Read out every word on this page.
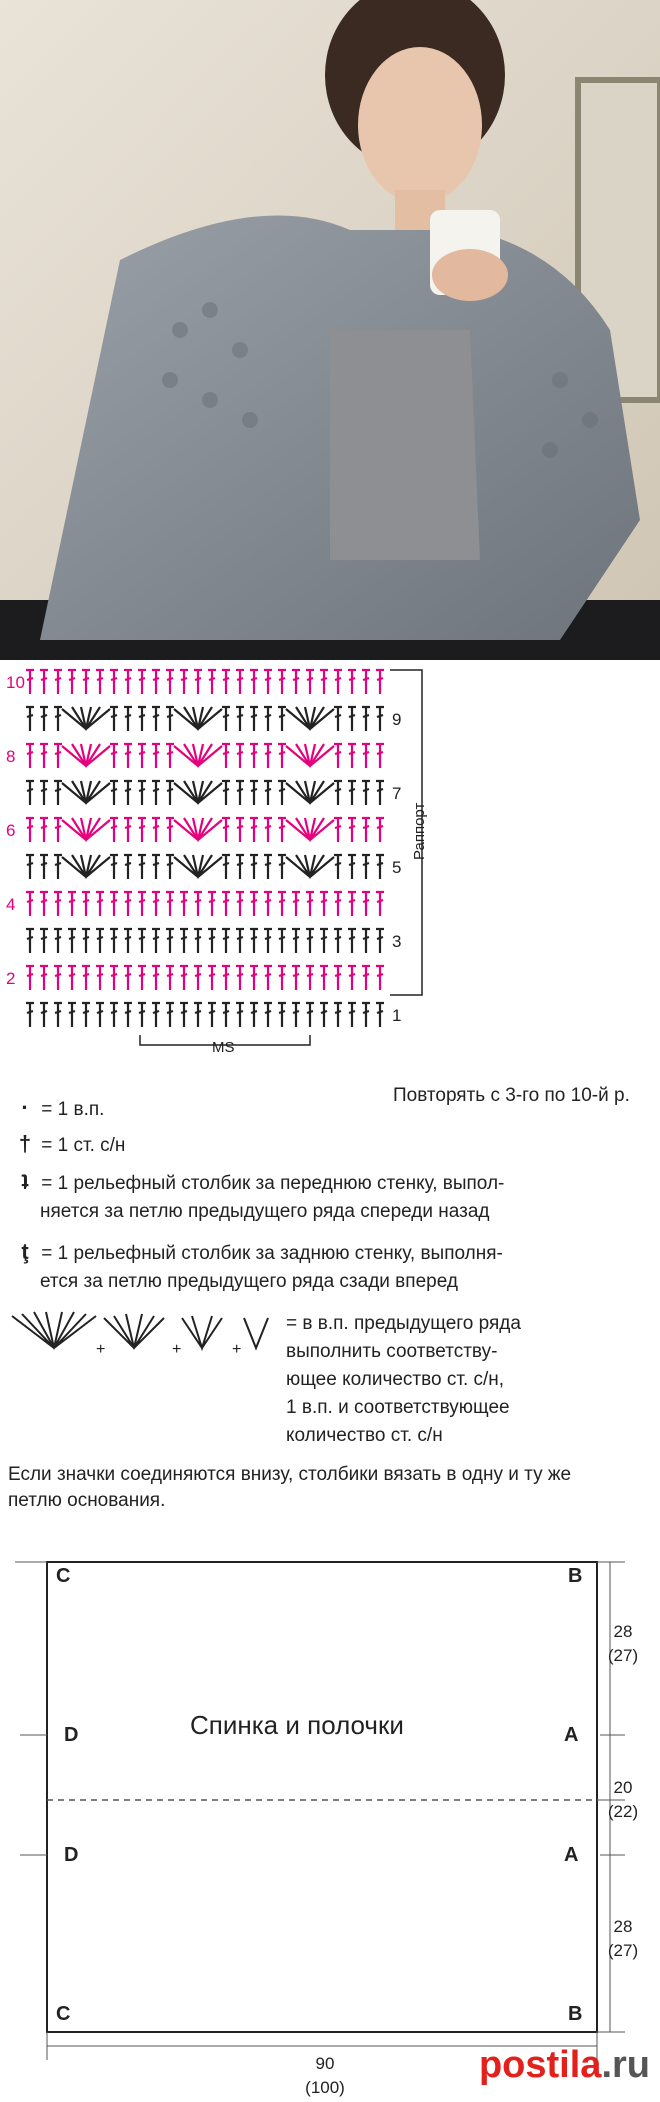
10
9
8
7
6
5
4
3
2
1
Раппорт
MS
Повторять с 3-го по 10-й р.
· = 1 в.п.
† = 1 ст. с/н
ʇ = 1 рельефный столбик за переднюю стенку, выпол-
няется за петлю предыдущего ряда спереди назад
ţ = 1 рельефный столбик за заднюю стенку, выполня-
ется за петлю предыдущего ряда сзади вперед
+	+	+
= в в.п. предыдущего ряда
выполнить соответству-
ющее количество ст. с/н,
1 в.п. и соответствующее
количество ст. с/н
Если значки соединяются внизу, столбики вязать в одну и ту же петлю основания.
C	B
C	B
D
D
A
A
Спинка и полочки
28
(27)
20
(22)
28
(27)
90
(100)
postila.ru
